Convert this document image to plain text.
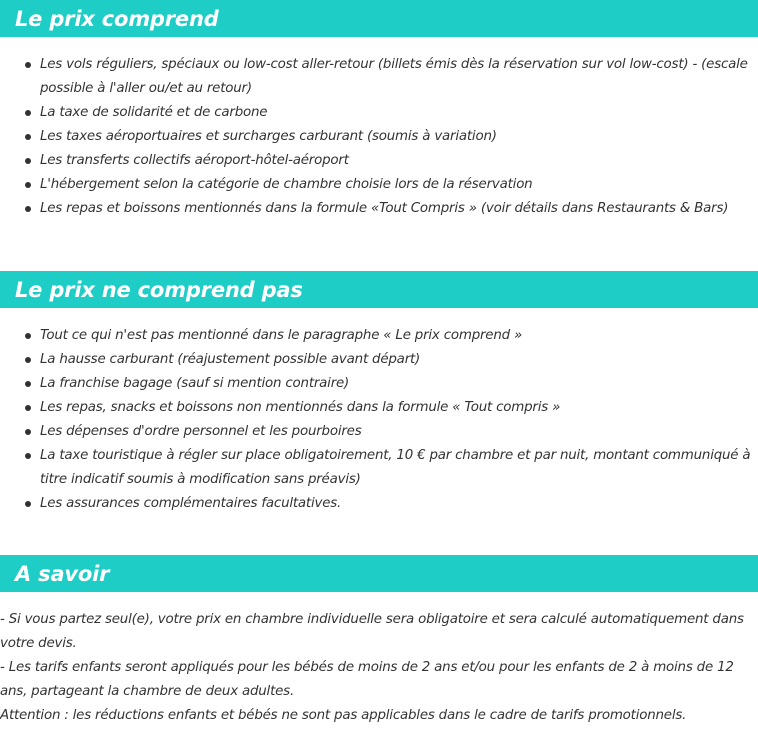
Le prix comprend
Les vols réguliers, spéciaux ou low-cost aller-retour (billets émis dès la réservation sur vol low-cost) - (escale possible à l'aller ou/et au retour)
La taxe de solidarité et de carbone
Les taxes aéroportuaires et surcharges carburant (soumis à variation)
Les transferts collectifs aéroport-hôtel-aéroport
L'hébergement selon la catégorie de chambre choisie lors de la réservation
Les repas et boissons mentionnés dans la formule «Tout Compris » (voir détails dans Restaurants & Bars)
Le prix ne comprend pas
Tout ce qui n'est pas mentionné dans le paragraphe « Le prix comprend »
La hausse carburant (réajustement possible avant départ)
La franchise bagage (sauf si mention contraire)
Les repas, snacks et boissons non mentionnés dans la formule « Tout compris »
Les dépenses d'ordre personnel et les pourboires
La taxe touristique à régler sur place obligatoirement, 10 € par chambre et par nuit, montant communiqué à titre indicatif soumis à modification sans préavis)
Les assurances complémentaires facultatives.
A savoir

- Si vous partez seul(e), votre prix en chambre individuelle sera obligatoire et sera calculé automatiquement dans votre devis.

- Les tarifs enfants seront appliqués pour les bébés de moins de 2 ans et/ou pour les enfants de 2 à moins de 12 ans, partageant la chambre de deux adultes.

Attention : les réductions enfants et bébés ne sont pas applicables dans le cadre de tarifs promotionnels.
